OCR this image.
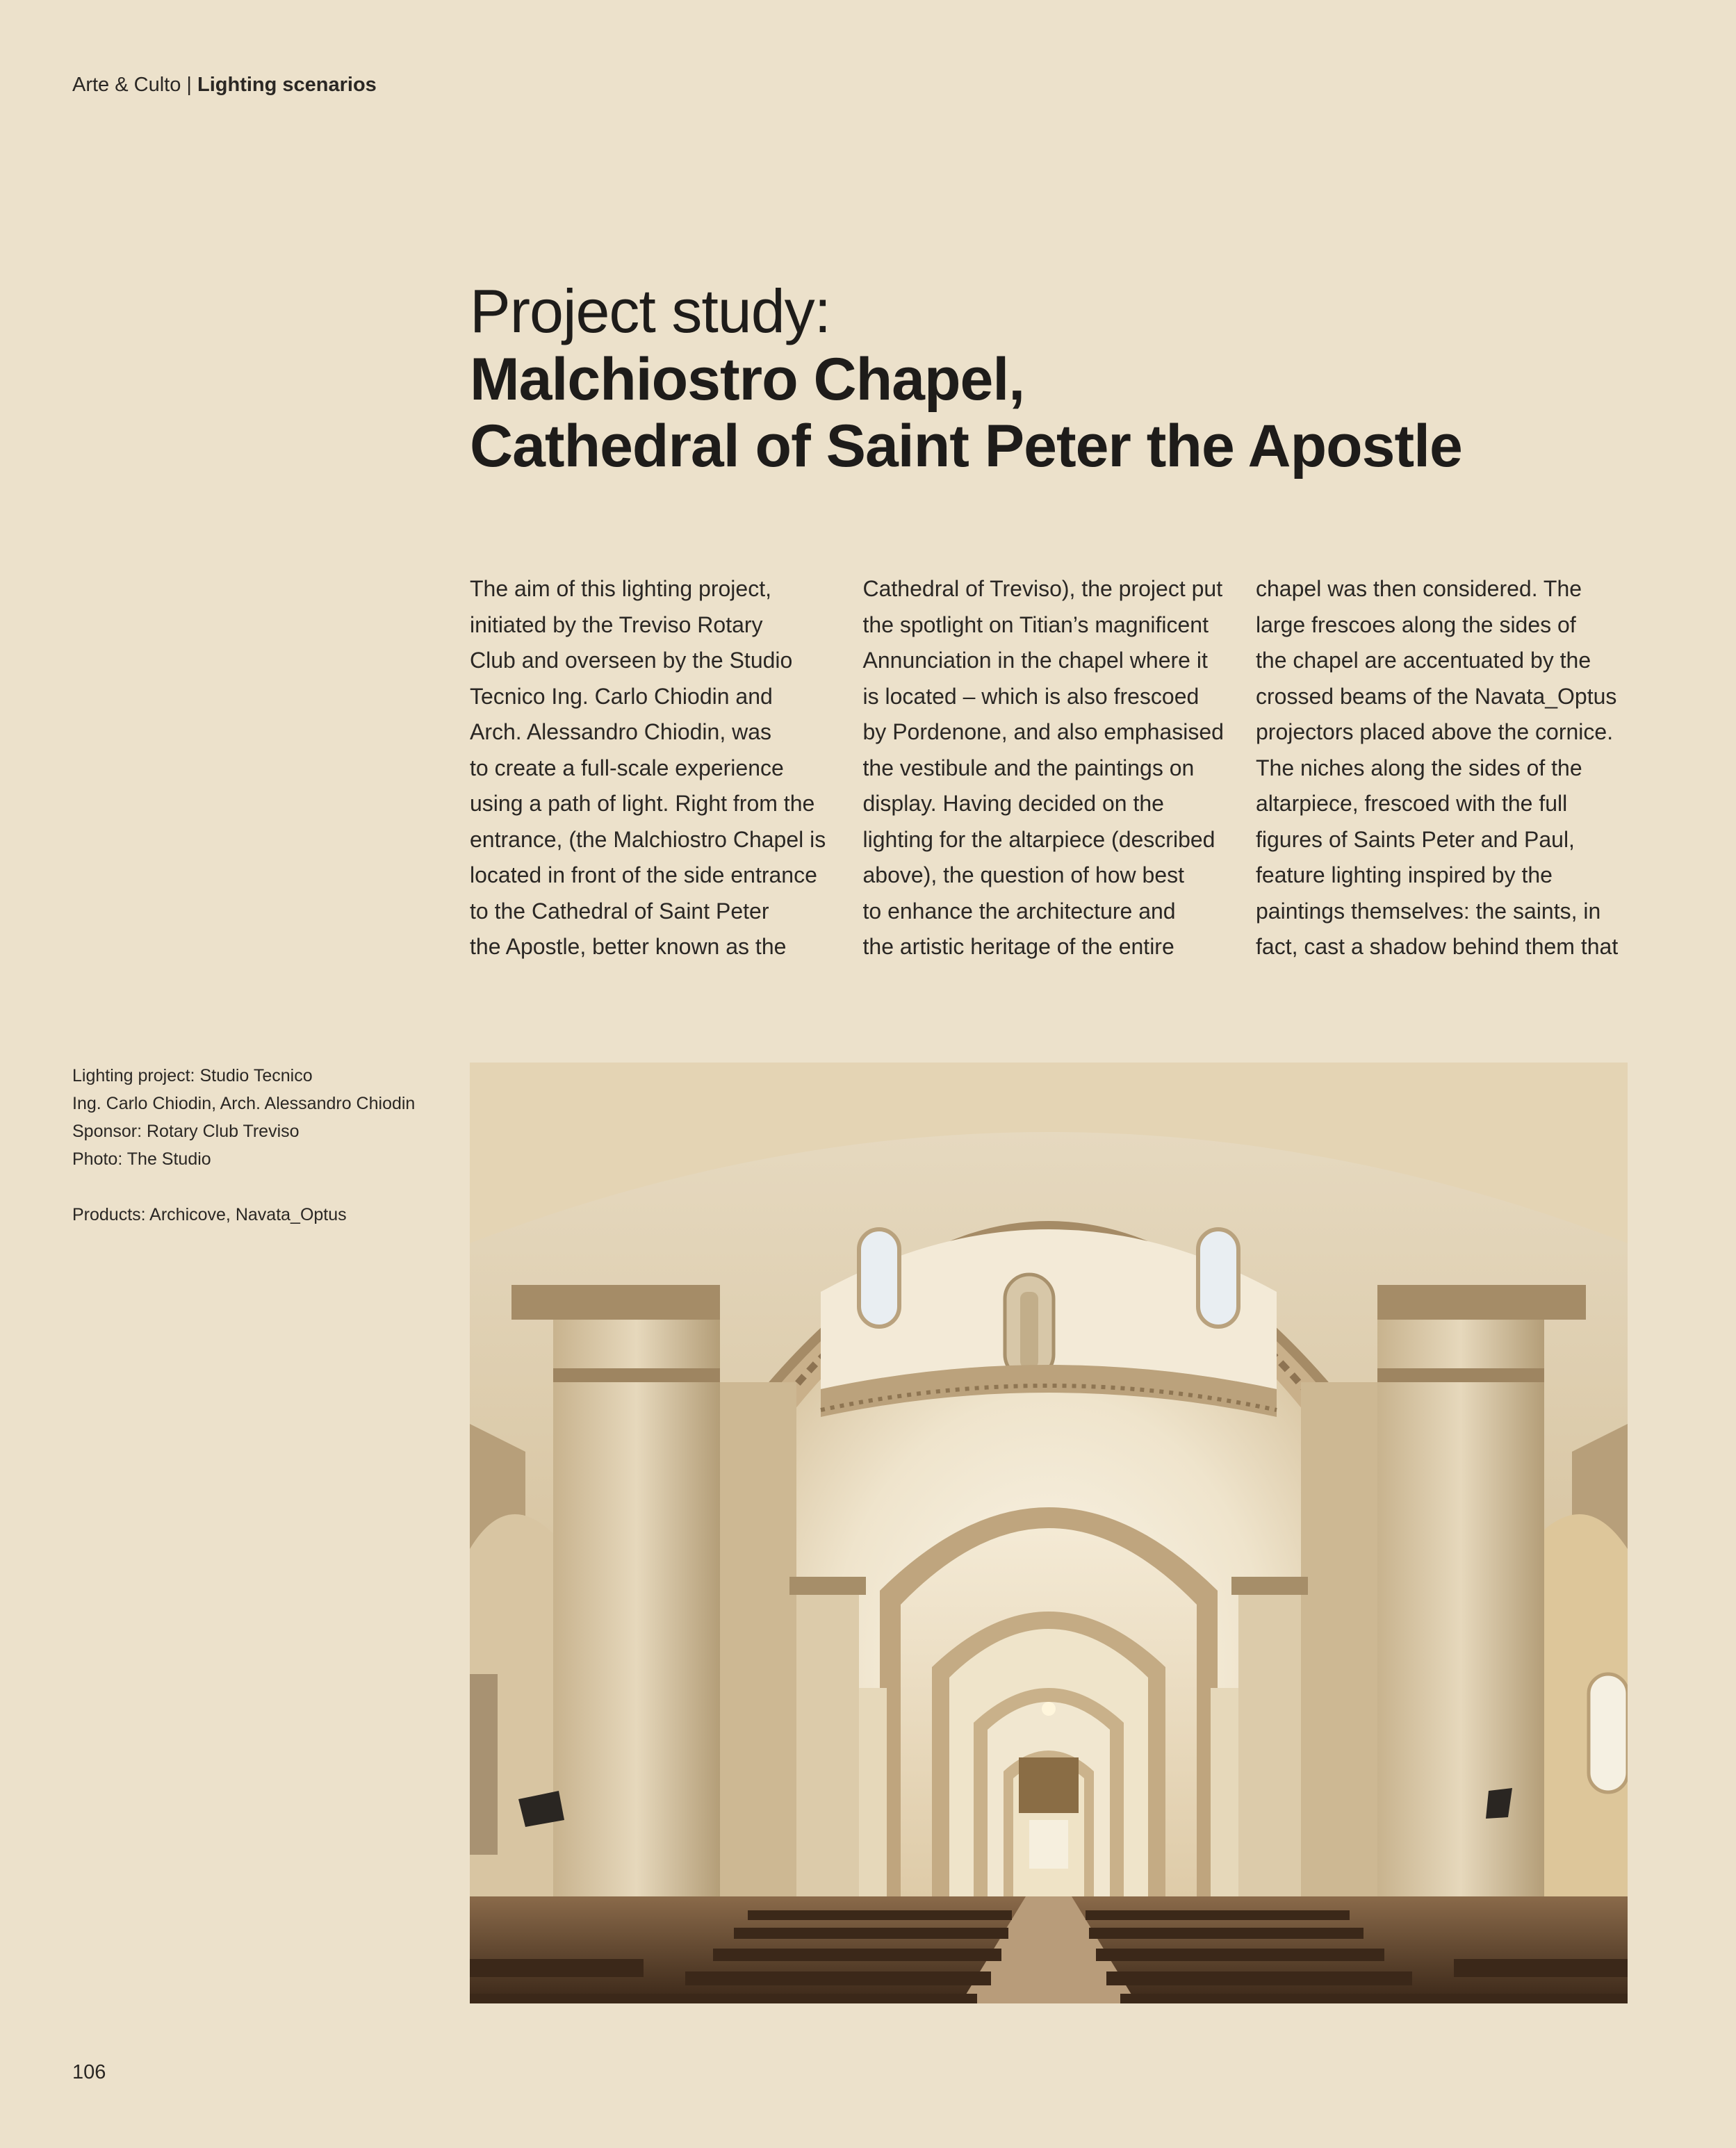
Arte & Culto | Lighting scenarios
Project study:
Malchiostro Chapel,
Cathedral of Saint Peter the Apostle
The aim of this lighting project,
initiated by the Treviso Rotary
Club and overseen by the Studio
Tecnico Ing. Carlo Chiodin and
Arch. Alessandro Chiodin, was
to create a full-scale experience
using a path of light. Right from the
entrance, (the Malchiostro Chapel is
located in front of the side entrance
to the Cathedral of Saint Peter
the Apostle, better known as the
Cathedral of Treviso), the project put
the spotlight on Titian’s magnificent
Annunciation in the chapel where it
is located – which is also frescoed
by Pordenone, and also emphasised
the vestibule and the paintings on
display. Having decided on the
lighting for the altarpiece (described
above), the question of how best
to enhance the architecture and
the artistic heritage of the entire
chapel was then considered. The
large frescoes along the sides of
the chapel are accentuated by the
crossed beams of the Navata_Optus
projectors placed above the cornice.
The niches along the sides of the
altarpiece, frescoed with the full
figures of Saints Peter and Paul,
feature lighting inspired by the
paintings themselves: the saints, in
fact, cast a shadow behind them that
Lighting project: Studio Tecnico
Ing. Carlo Chiodin, Arch. Alessandro Chiodin
Sponsor: Rotary Club Treviso
Photo: The Studio
Products: Archicove, Navata_Optus
106
